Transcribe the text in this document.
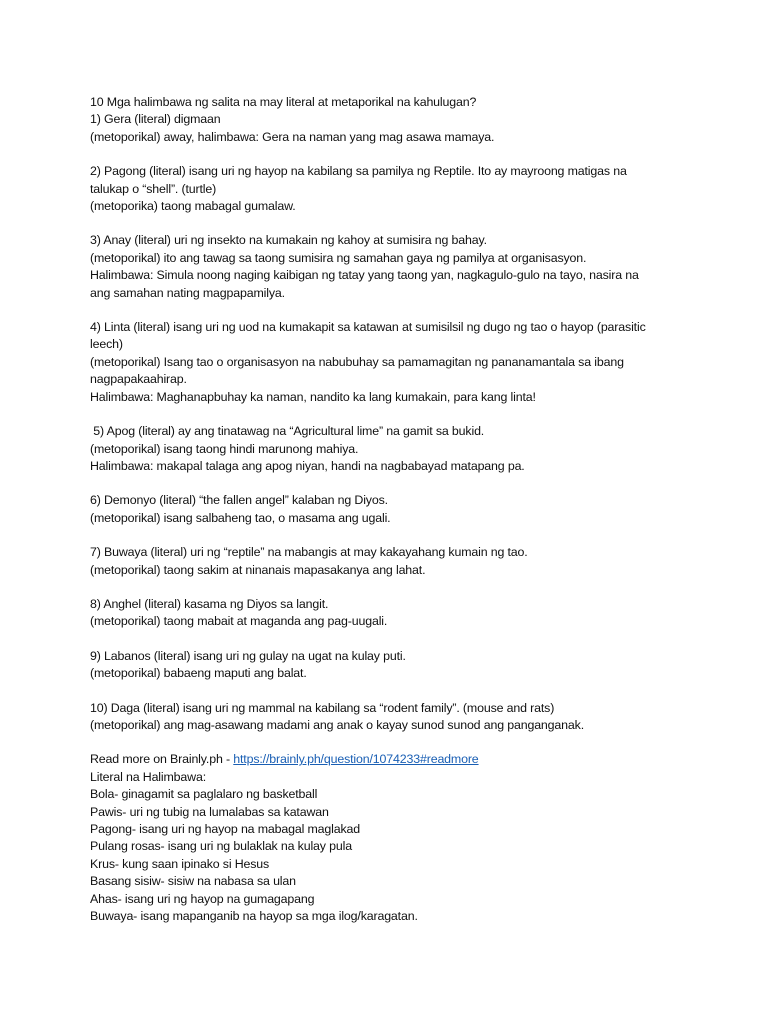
10 Mga halimbawa ng salita na may literal at metaporikal na kahulugan?
1) Gera (literal) digmaan
(metoporikal) away, halimbawa: Gera na naman yang mag asawa mamaya.
2) Pagong (literal) isang uri ng hayop na kabilang sa pamilya ng Reptile. Ito ay mayroong matigas na
talukap o “shell”. (turtle)
(metoporika) taong mabagal gumalaw.
3) Anay (literal) uri ng insekto na kumakain ng kahoy at sumisira ng bahay.
(metoporikal) ito ang tawag sa taong sumisira ng samahan gaya ng pamilya at organisasyon.
Halimbawa: Simula noong naging kaibigan ng tatay yang taong yan, nagkagulo-gulo na tayo, nasira na
ang samahan nating magpapamilya.
4) Linta (literal) isang uri ng uod na kumakapit sa katawan at sumisilsil ng dugo ng tao o hayop (parasitic
leech)
(metoporikal) Isang tao o organisasyon na nabubuhay sa pamamagitan ng pananamantala sa ibang
nagpapakaahirap.
Halimbawa: Maghanapbuhay ka naman, nandito ka lang kumakain, para kang linta!
5) Apog (literal) ay ang tinatawag na “Agricultural lime” na gamit sa bukid.
(metoporikal) isang taong hindi marunong mahiya.
Halimbawa: makapal talaga ang apog niyan, handi na nagbabayad matapang pa.
6) Demonyo (literal) “the fallen angel” kalaban ng Diyos.
(metoporikal) isang salbaheng tao, o masama ang ugali.
7) Buwaya (literal) uri ng “reptile” na mabangis at may kakayahang kumain ng tao.
(metoporikal) taong sakim at ninanais mapasakanya ang lahat.
8) Anghel (literal) kasama ng Diyos sa langit.
(metoporikal) taong mabait at maganda ang pag-uugali.
9) Labanos (literal) isang uri ng gulay na ugat na kulay puti.
(metoporikal) babaeng maputi ang balat.
10) Daga (literal) isang uri ng mammal na kabilang sa “rodent family”. (mouse and rats)
(metoporikal) ang mag-asawang madami ang anak o kayay sunod sunod ang panganganak.
Read more on Brainly.ph - https://brainly.ph/question/1074233#readmore
Literal na Halimbawa:
Bola- ginagamit sa paglalaro ng basketball
Pawis- uri ng tubig na lumalabas sa katawan
Pagong- isang uri ng hayop na mabagal maglakad
Pulang rosas- isang uri ng bulaklak na kulay pula
Krus- kung saan ipinako si Hesus
Basang sisiw- sisiw na nabasa sa ulan
Ahas- isang uri ng hayop na gumagapang
Buwaya- isang mapanganib na hayop sa mga ilog/karagatan.
